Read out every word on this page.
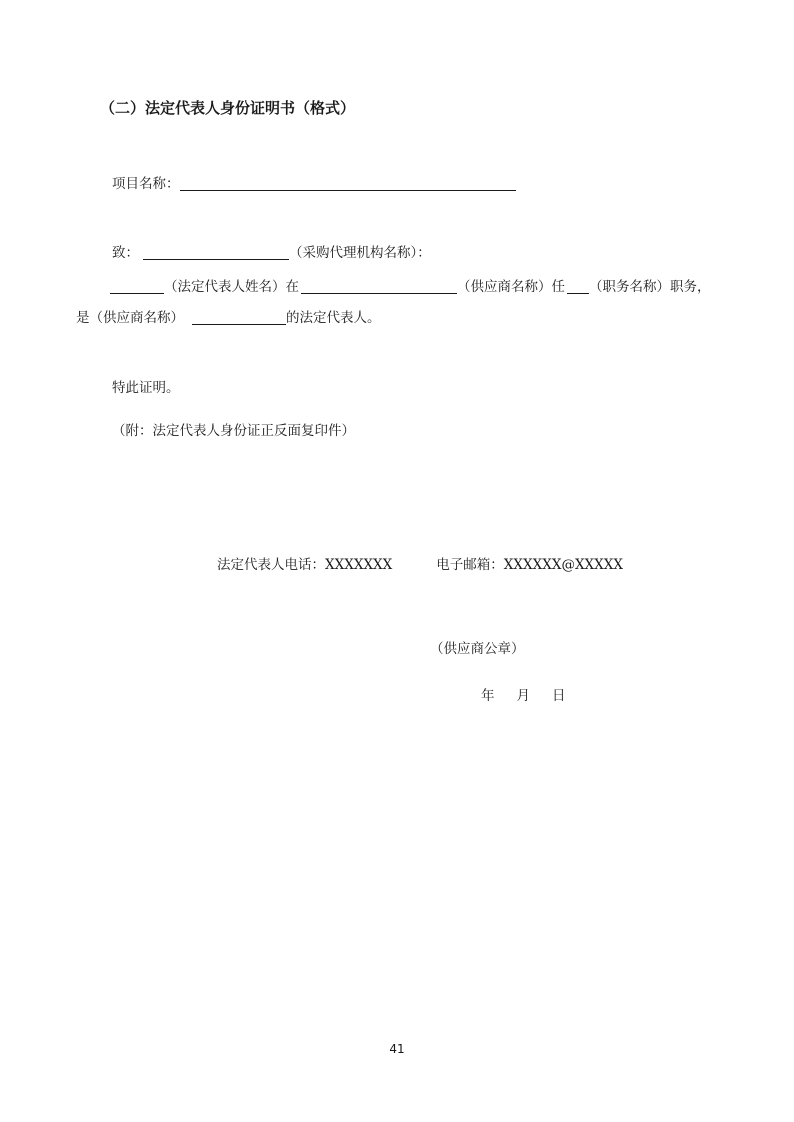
（二）法定代表人身份证明书（格式）
项目名称：
致：	（采购代理机构名称）：
（法定代表人姓名）在	（供应商名称）任 （职务名称）职务，
是（供应商名称）	的法定代表人。
特此证明。
（附：法定代表人身份证正反面复印件）
法定代表人电话：XXXXXXX	电子邮箱：XXXXXX@XXXXX
（供应商公章）
年 月 日
41
